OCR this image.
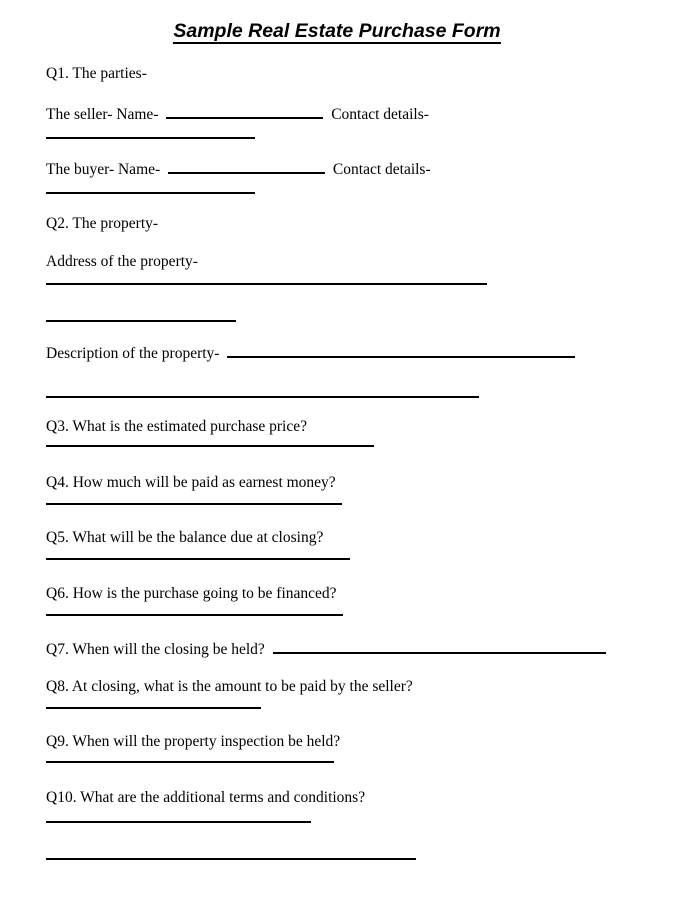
Sample Real Estate Purchase Form
Q1. The parties-
The seller- Name-	Contact details-
The buyer- Name-	Contact details-
Q2. The property-
Address of the property-
Description of the property-
Q3. What is the estimated purchase price?
Q4. How much will be paid as earnest money?
Q5. What will be the balance due at closing?
Q6. How is the purchase going to be financed?
Q7. When will the closing be held?
Q8. At closing, what is the amount to be paid by the seller?
Q9. When will the property inspection be held?
Q10. What are the additional terms and conditions?
